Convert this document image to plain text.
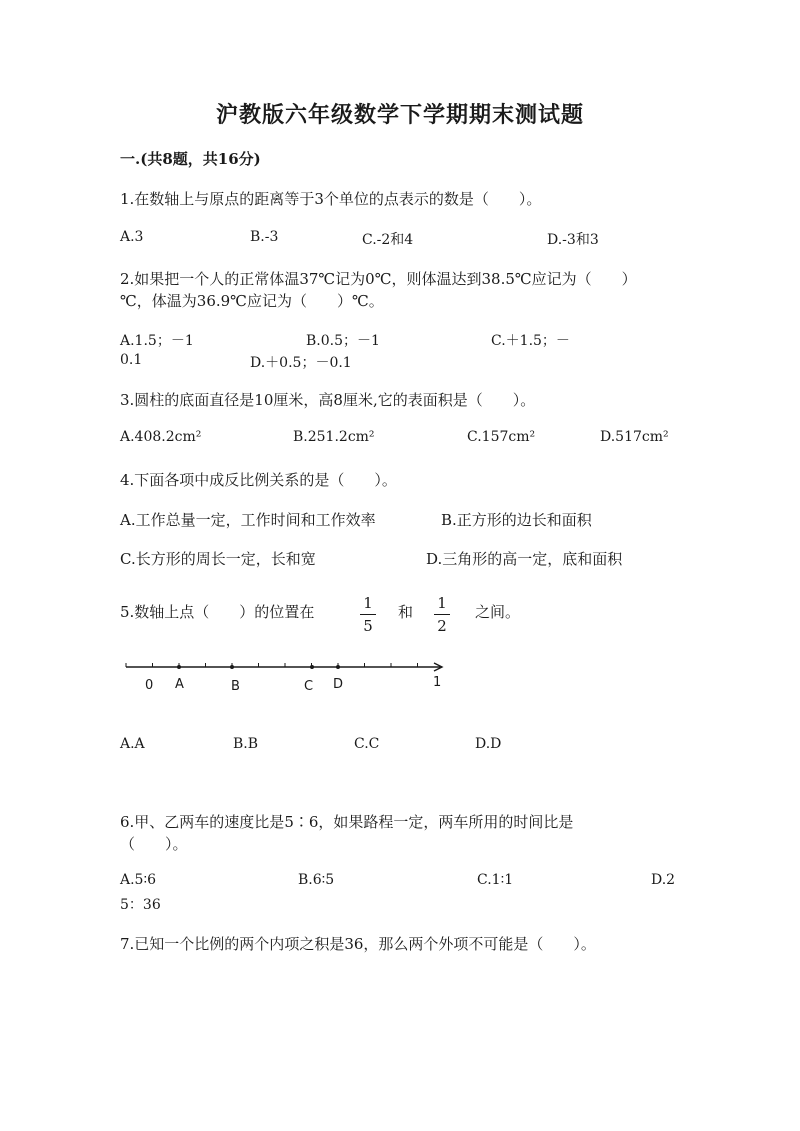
沪教版六年级数学下学期期末测试题
一.(共8题，共16分)
1.在数轴上与原点的距离等于3个单位的点表示的数是（　　）。
A.3	B.-3	C.-2和4	D.-3和3
2.如果把一个人的正常体温37℃记为0℃，则体温达到38.5℃应记为（　　）
℃，体温为36.9℃应记为（　　）℃。
A.1.5；－1	B.0.5；－1	C.＋1.5；－
0.1	D.＋0.5；－0.1
3.圆柱的底面直径是10厘米，高8厘米,它的表面积是（　　）。
A.408.2cm²	B.251.2cm²	C.157cm²	D.517cm²
4.下面各项中成反比例关系的是（　　）。
A.工作总量一定，工作时间和工作效率	B.正方形的边长和面积
C.长方形的周长一定，长和宽	D.三角形的高一定，底和面积
5.数轴上点（　　）的位置在	1
5
和	1
2
之间。
0 A	B	C D	1
A.A	B.B	C.C	D.D
6.甲、乙两车的速度比是5∶6，如果路程一定，两车所用的时间比是
（　　）。
A.5∶6	B.6∶5	C.1∶1	D.2
5：36
7.已知一个比例的两个内项之积是36，那么两个外项不可能是（　　）。
